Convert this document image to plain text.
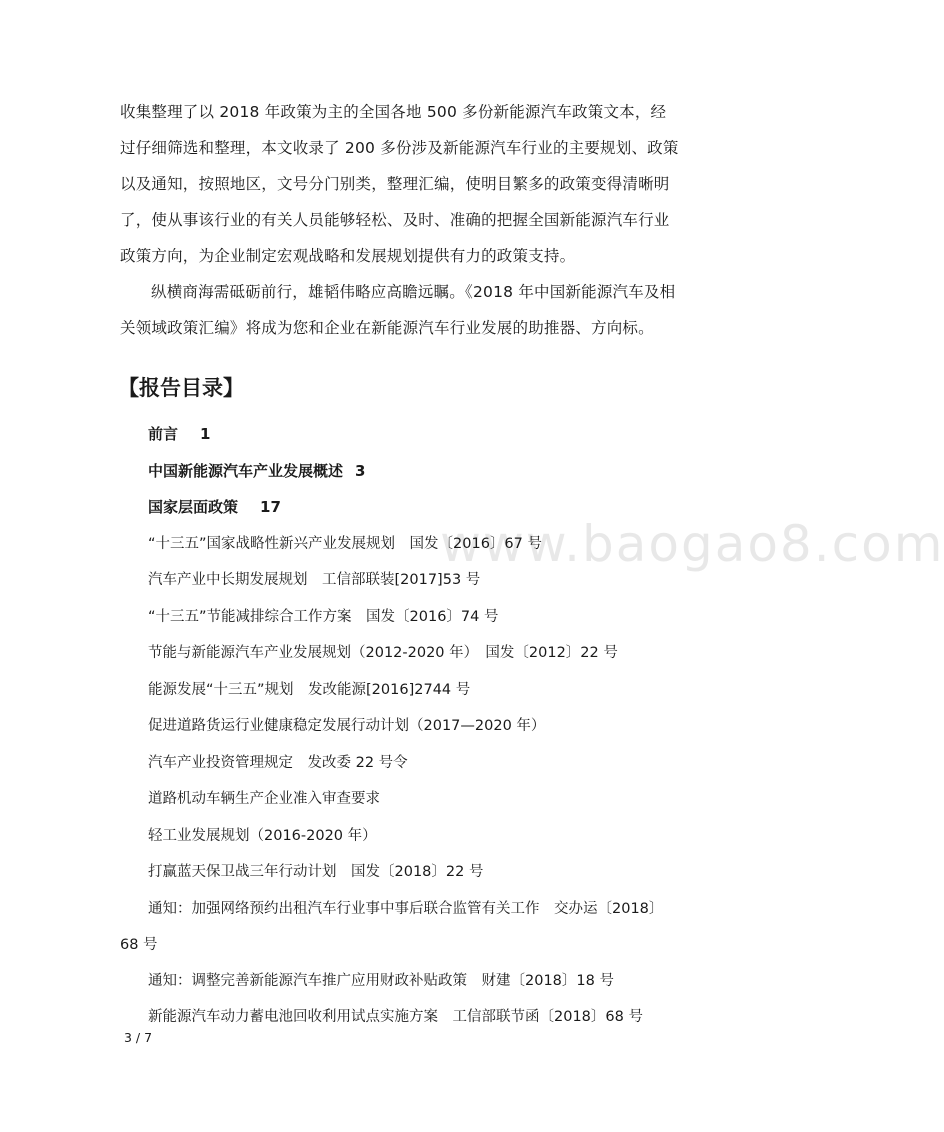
收集整理了以 2018 年政策为主的全国各地 500 多份新能源汽车政策文本，经过仔细筛选和整理，本文收录了 200 多份涉及新能源汽车行业的主要规划、政策以及通知，按照地区，文号分门别类，整理汇编，使明目繁多的政策变得清晰明了，使从事该行业的有关人员能够轻松、及时、准确的把握全国新能源汽车行业政策方向，为企业制定宏观战略和发展规划提供有力的政策支持。

纵横商海需砥砺前行，雄韬伟略应高瞻远瞩。《2018 年中国新能源汽车及相关领域政策汇编》将成为您和企业在新能源汽车行业发展的助推器、方向标。

【报告目录】
前言 1
中国新能源汽车产业发展概述 3
国家层面政策 17
“十三五”国家战略性新兴产业发展规划　国发〔2016〕67 号
汽车产业中长期发展规划　工信部联装[2017]53 号
“十三五”节能减排综合工作方案　国发〔2016〕74 号
节能与新能源汽车产业发展规划（2012-2020 年）　国发〔2012〕22 号
能源发展“十三五”规划　发改能源[2016]2744 号
促进道路货运行业健康稳定发展行动计划（2017—2020 年）
汽车产业投资管理规定　发改委 22 号令
道路机动车辆生产企业准入审查要求
轻工业发展规划（2016-2020 年）
打赢蓝天保卫战三年行动计划　国发〔2018〕22 号
通知：加强网络预约出租汽车行业事中事后联合监管有关工作　交办运〔2018〕68 号
通知：调整完善新能源汽车推广应用财政补贴政策　财建〔2018〕18 号
新能源汽车动力蓄电池回收利用试点实施方案　工信部联节函〔2018〕68 号
www.baogao8.com
3 / 7
